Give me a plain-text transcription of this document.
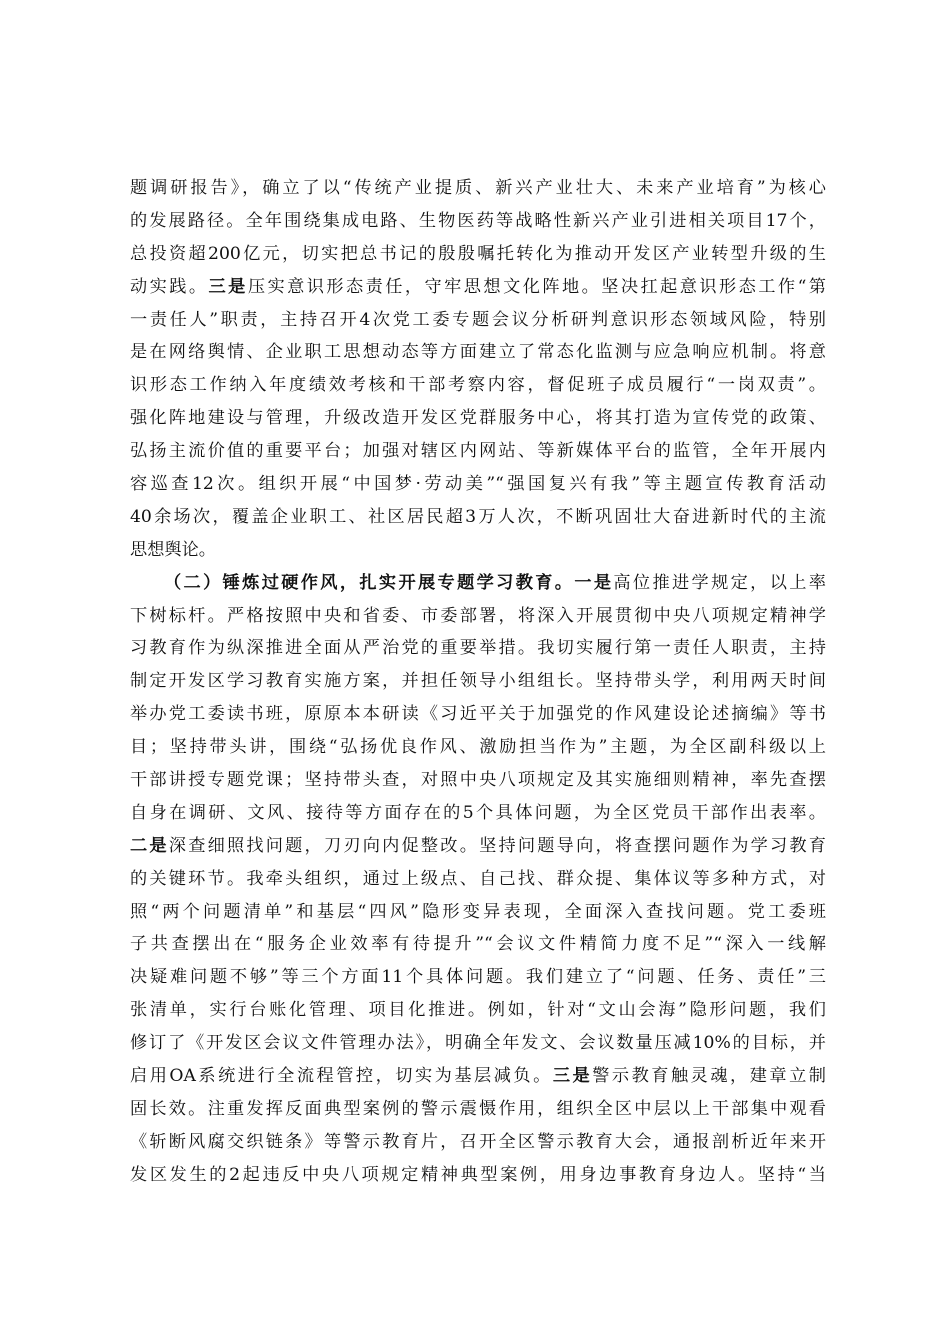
题调研报告》，确立了以“传统产业提质、新兴产业壮大、未来产业培育”为核心
的发展路径。全年围绕集成电路、生物医药等战略性新兴产业引进相关项目17个，
总投资超200亿元，切实把总书记的殷殷嘱托转化为推动开发区产业转型升级的生
动实践。三是压实意识形态责任，守牢思想文化阵地。坚决扛起意识形态工作“第
一责任人”职责，主持召开4次党工委专题会议分析研判意识形态领域风险，特别
是在网络舆情、企业职工思想动态等方面建立了常态化监测与应急响应机制。将意
识形态工作纳入年度绩效考核和干部考察内容，督促班子成员履行“一岗双责”。
强化阵地建设与管理，升级改造开发区党群服务中心，将其打造为宣传党的政策、
弘扬主流价值的重要平台；加强对辖区内网站、等新媒体平台的监管，全年开展内
容巡查12次。组织开展“中国梦·劳动美”“强国复兴有我”等主题宣传教育活动
40余场次，覆盖企业职工、社区居民超3万人次，不断巩固壮大奋进新时代的主流
思想舆论。
（二）锤炼过硬作风，扎实开展专题学习教育。一是高位推进学规定，以上率
下树标杆。严格按照中央和省委、市委部署，将深入开展贯彻中央八项规定精神学
习教育作为纵深推进全面从严治党的重要举措。我切实履行第一责任人职责，主持
制定开发区学习教育实施方案，并担任领导小组组长。坚持带头学，利用两天时间
举办党工委读书班，原原本本研读《习近平关于加强党的作风建设论述摘编》等书
目；坚持带头讲，围绕“弘扬优良作风、激励担当作为”主题，为全区副科级以上
干部讲授专题党课；坚持带头查，对照中央八项规定及其实施细则精神，率先查摆
自身在调研、文风、接待等方面存在的5个具体问题，为全区党员干部作出表率。
二是深查细照找问题，刀刃向内促整改。坚持问题导向，将查摆问题作为学习教育
的关键环节。我牵头组织，通过上级点、自己找、群众提、集体议等多种方式，对
照“两个问题清单”和基层“四风”隐形变异表现，全面深入查找问题。党工委班
子共查摆出在“服务企业效率有待提升”“会议文件精简力度不足”“深入一线解
决疑难问题不够”等三个方面11个具体问题。我们建立了“问题、任务、责任”三
张清单，实行台账化管理、项目化推进。例如，针对“文山会海”隐形问题，我们
修订了《开发区会议文件管理办法》，明确全年发文、会议数量压减10%的目标，并
启用OA系统进行全流程管控，切实为基层减负。三是警示教育触灵魂，建章立制
固长效。注重发挥反面典型案例的警示震慑作用，组织全区中层以上干部集中观看
《斩断风腐交织链条》等警示教育片，召开全区警示教育大会，通报剖析近年来开
发区发生的2起违反中央八项规定精神典型案例，用身边事教育身边人。坚持“当
